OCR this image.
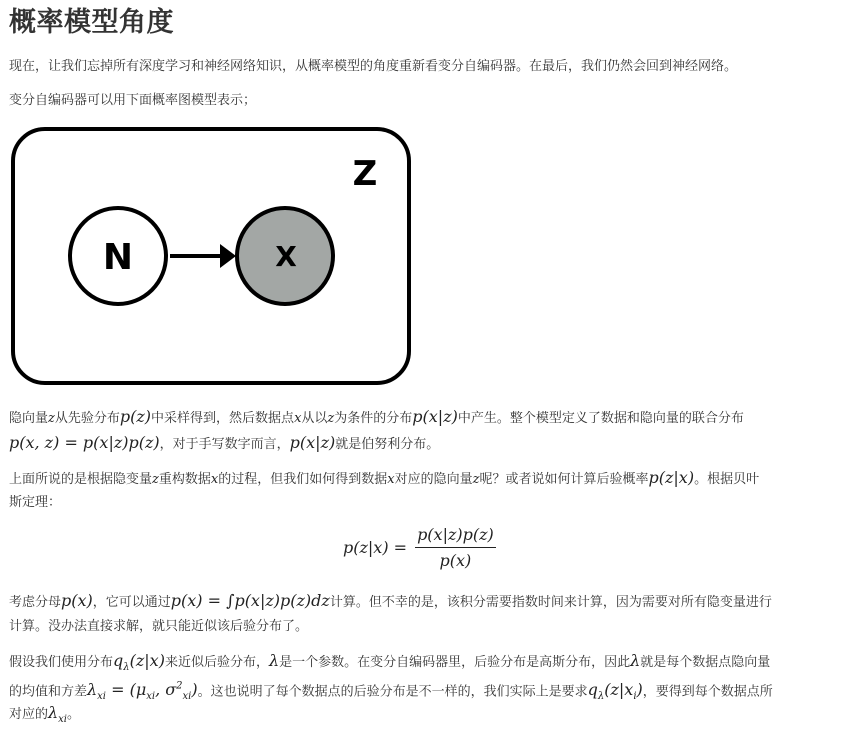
概率模型角度

现在，让我们忘掉所有深度学习和神经网络知识，从概率模型的角度重新看变分自编码器。在最后，我们仍然会回到神经网络。

变分自编码器可以用下面概率图模型表示；

Z
N	X

隐向量z从先验分布p(z)中采样得到，然后数据点x从以z为条件的分布p(x|z)中产生。整个模型定义了数据和隐向量的联合分布

p(x, z) = p(x|z)p(z)，对于手写数字而言，p(x|z)就是伯努利分布。

上面所说的是根据隐变量z重构数据x的过程，但我们如何得到数据x对应的隐向量z呢？或者说如何计算后验概率p(z|x)。根据贝叶

斯定理：

$p(z|x) = \frac{p(x|z)p(z)}{p(x)}$

考虑分母p(x)，它可以通过p(x) = ∫p(x|z)p(z)dz计算。但不幸的是，该积分需要指数时间来计算，因为需要对所有隐变量进行

计算。没办法直接求解，就只能近似该后验分布了。

假设我们使用分布$q_\lambda(z|x)$来近似后验分布，λ是一个参数。在变分自编码器里，后验分布是高斯分布，因此λ就是每个数据点隐向量

的均值和方差$\lambda_{xi} = (\mu_{xi}$, $\sigma^2_{xi}$)。这也说明了每个数据点的后验分布是不一样的，我们实际上是要求$q_\lambda(z|x_i)$，要得到每个数据点所

对应的$\lambda_{xi}$。
